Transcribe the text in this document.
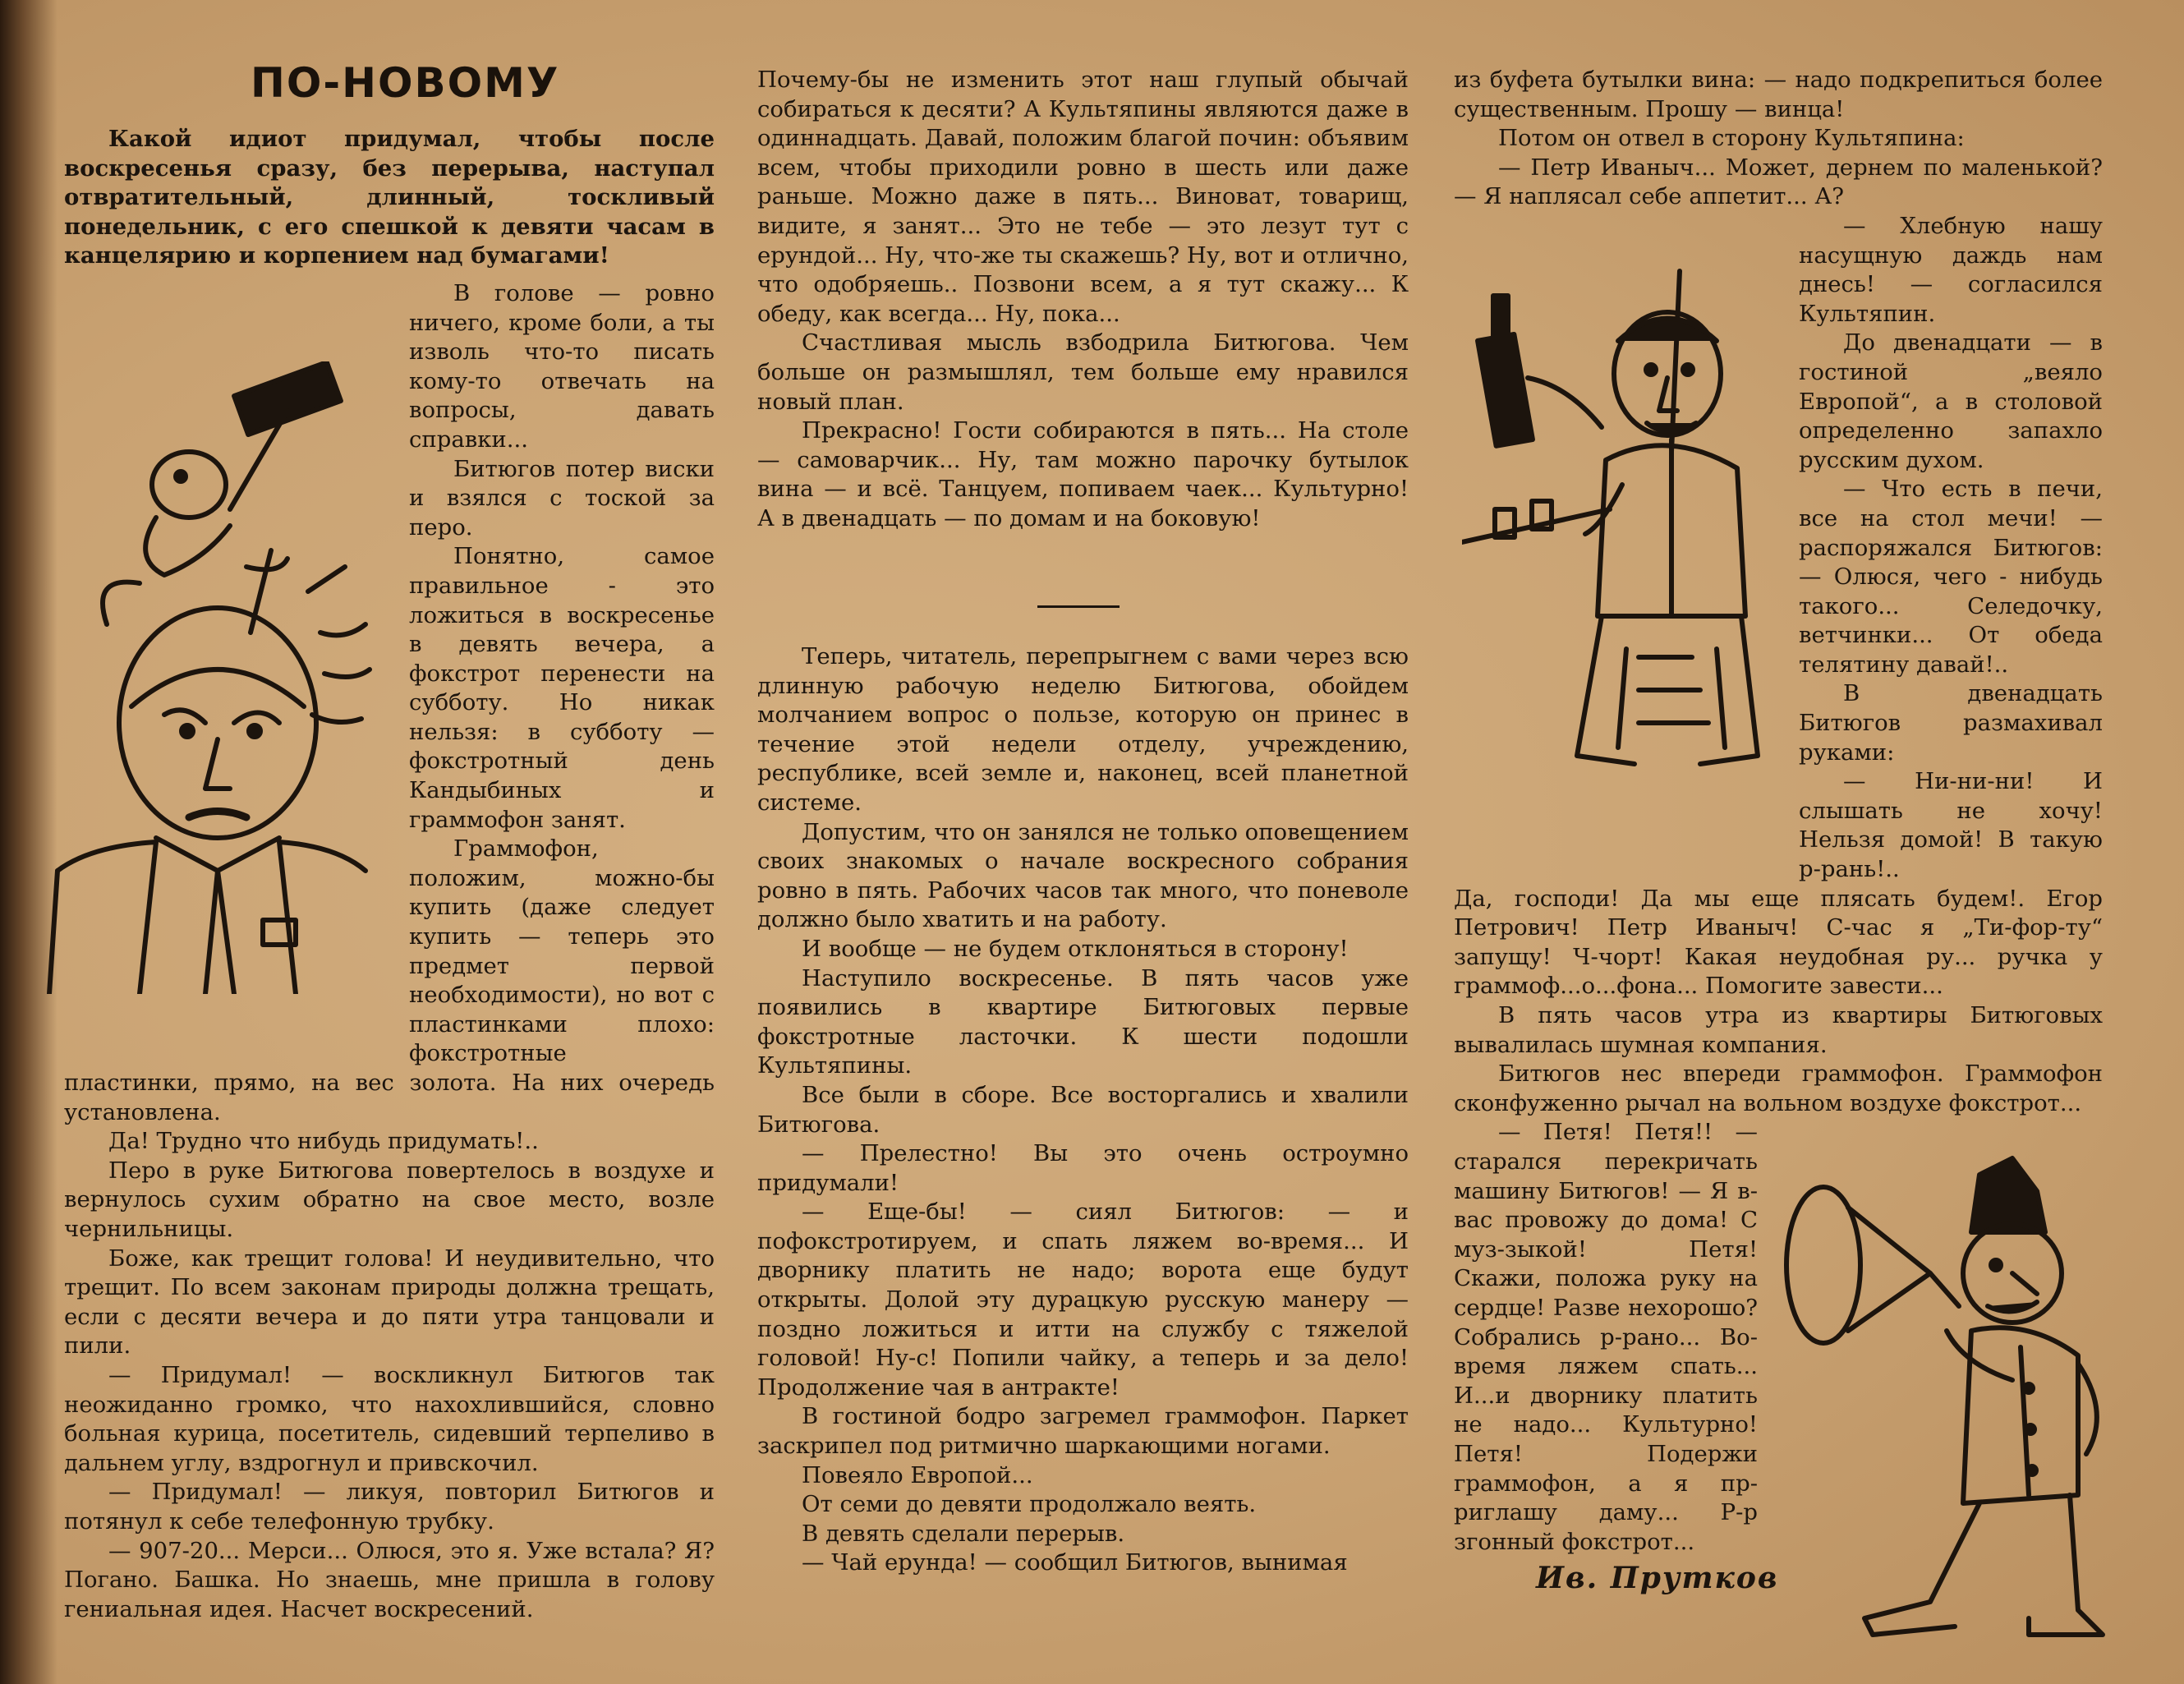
ПО-НОВОМУ

Какой идиот придумал, чтобы после воскресенья сразу, без перерыва, наступал отвратительный, длинный, тоскливый понедельник, с его спешкой к девяти часам в канцелярию и корпением над бумагами!

В голове — ровно ничего, кроме боли, а ты изволь что-то писать кому-то отвечать на вопросы, давать справки...

Битюгов потер виски и взялся с тоской за перо.

Понятно, самое правильное - это ложиться в воскресенье в девять вечера, а фокстрот перенести на субботу. Но никак нельзя: в субботу — фокстротный день Кандыбиных и граммофон занят.

Граммофон, положим, можно-бы купить (даже следует купить — теперь это предмет первой необходимости), но вот с пластинками плохо: фокстротные

пластинки, прямо, на вес золота. На них очередь установлена.

Да! Трудно что нибудь придумать!..

Перо в руке Битюгова повертелось в воздухе и вернулось сухим обратно на свое место, возле чернильницы.

Боже, как трещит голова! И неудивительно, что трещит. По всем законам природы должна трещать, если с десяти вечера и до пяти утра танцовали и пили.

— Придумал! — воскликнул Битюгов так неожиданно громко, что нахохлившийся, словно больная курица, посетитель, сидевший терпеливо в дальнем углу, вздрогнул и привскочил.

— Придумал! — ликуя, повторил Битюгов и потянул к себе телефонную трубку.

— 907-20... Мерси... Олюся, это я. Уже встала? Я? Погано. Башка. Но знаешь, мне пришла в голову гениальная идея. Насчет воскресений.

Почему-бы не изменить этот наш глупый обычай собираться к десяти? А Культяпины являются даже в одиннадцать. Давай, положим благой почин: объявим всем, чтобы приходили ровно в шесть или даже раньше. Можно даже в пять... Виноват, товарищ, видите, я занят... Это не тебе — это лезут тут с ерундой... Ну, что-же ты скажешь? Ну, вот и отлично, что одобряешь.. Позвони всем, а я тут скажу... К обеду, как всегда... Ну, пока...

Счастливая мысль взбодрила Битюгова. Чем больше он размышлял, тем больше ему нравился новый план.

Прекрасно! Гости собираются в пять... На столе — самоварчик... Ну, там можно парочку бутылок вина — и всё. Танцуем, попиваем чаек... Культурно! А в двенадцать — по домам и на боковую!

Теперь, читатель, перепрыгнем с вами через всю длинную рабочую неделю Битюгова, обойдем молчанием вопрос о пользе, которую он принес в течение этой недели отделу, учреждению, республике, всей земле и, наконец, всей планетной системе.

Допустим, что он занялся не только оповещением своих знакомых о начале воскресного собрания ровно в пять. Рабочих часов так много, что поневоле должно было хватить и на работу.

И вообще — не будем отклоняться в сторону!

Наступило воскресенье. В пять часов уже появились в квартире Битюговых первые фокстротные ласточки. К шести подошли Культяпины.

Все были в сборе. Все восторгались и хвалили Битюгова.

— Прелестно! Вы это очень остроумно придумали!

— Еще-бы! — сиял Битюгов: — и пофокстротируем, и спать ляжем во-время... И дворнику платить не надо; ворота еще будут открыты. Долой эту дурацкую русскую манеру — поздно ложиться и итти на службу с тяжелой головой! Ну-с! Попили чайку, а теперь и за дело! Продолжение чая в антракте!

В гостиной бодро загремел граммофон. Паркет заскрипел под ритмично шаркающими ногами.

Повеяло Европой...

От семи до девяти продолжало веять.

В девять сделали перерыв.

— Чай ерунда! — сообщил Битюгов, вынимая

из буфета бутылки вина: — надо подкрепиться более существенным. Прошу — винца!

Потом он отвел в сторону Культяпина:

— Петр Иваныч... Может, дернем по маленькой? — Я наплясал себе аппетит... А?

— Хлебную нашу насущную даждь нам днесь! — согласился Культяпин.

До двенадцати — в гостиной „веяло Европой“, а в столовой определенно запахло русским духом.

— Что есть в печи, все на стол мечи! — распоряжался Битюгов: — Олюся, чего - нибудь такого... Селедочку, ветчинки... От обеда телятину давай!..

В двенадцать Битюгов размахивал руками:

— Ни-ни-ни! И слышать не хочу! Нельзя домой! В такую р-рань!..

Да, господи! Да мы еще плясать будем!. Егор Петрович! Петр Иваныч! С-час я „Ти-фор-ту“ запущу! Ч-чорт! Какая неудобная ру... ручка у граммоф...о...фона... Помогите завести...

В пять часов утра из квартиры Битюговых вывалилась шумная компания.

Битюгов нес впереди граммофон. Граммофон сконфуженно рычал на вольном воздухе фокстрот...

— Петя! Петя!! — старался перекричать машину Битюгов! — Я в-вас провожу до дома! С муз-зыкой! Петя! Скажи, положа руку на сердце! Разве нехорошо? Собрались р-рано... Во-время ляжем спать... И...и дворнику платить не надо... Культурно! Петя! Подержи граммофон, а я пр-риглашу даму... Р-р згонный фокстрот...

Ив. Прутков
